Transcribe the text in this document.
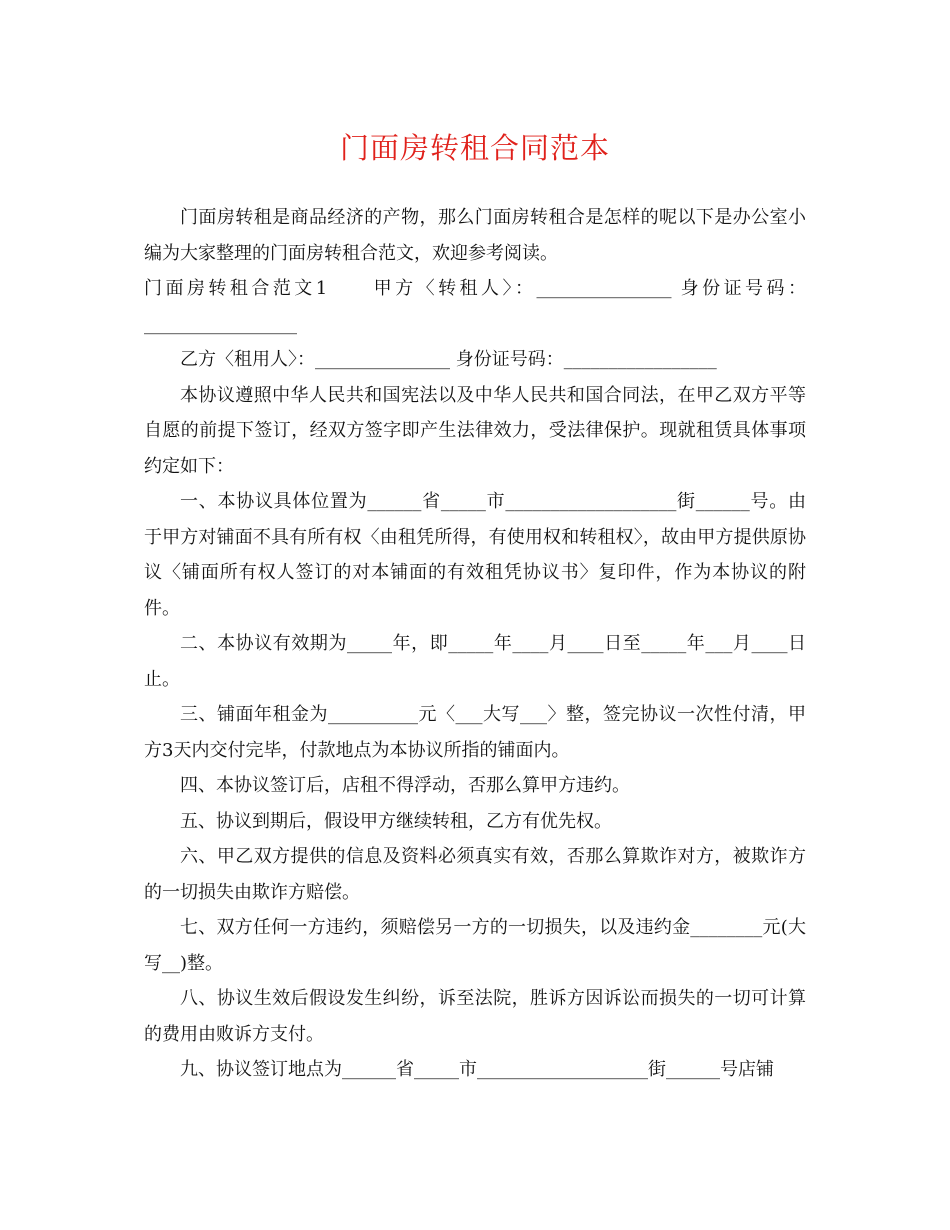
门面房转租合同范本

门面房转租是商品经济的产物，那么门面房转租合是怎样的呢以下是办公室小编为大家整理的门面房转租合范文，欢迎参考阅读。

门面房转租合范文1　　甲方〈转租人〉：_______________ 身份证号码：_________________

乙方〈租用人〉：_______________ 身份证号码：_________________

本协议遵照中华人民共和国宪法以及中华人民共和国合同法，在甲乙双方平等自愿的前提下签订，经双方签字即产生法律效力，受法律保护。现就租赁具体事项约定如下：

一、本协议具体位置为______省_____市___________________街______号。由于甲方对铺面不具有所有权〈由租凭所得，有使用权和转租权〉，故由甲方提供原协议〈铺面所有权人签订的对本铺面的有效租凭协议书〉复印件，作为本协议的附件。

二、本协议有效期为_____年，即_____年____月____日至_____年___月____日止。

三、铺面年租金为__________元〈___大写___〉整，签完协议一次性付清，甲方3天内交付完毕，付款地点为本协议所指的铺面内。

四、本协议签订后，店租不得浮动，否那么算甲方违约。

五、协议到期后，假设甲方继续转租，乙方有优先权。

六、甲乙双方提供的信息及资料必须真实有效，否那么算欺诈对方，被欺诈方的一切损失由欺诈方赔偿。

七、双方任何一方违约，须赔偿另一方的一切损失，以及违约金________元(大写__)整。

八、协议生效后假设发生纠纷，诉至法院，胜诉方因诉讼而损失的一切可计算的费用由败诉方支付。

九、协议签订地点为______省_____市___________________街______号店铺
